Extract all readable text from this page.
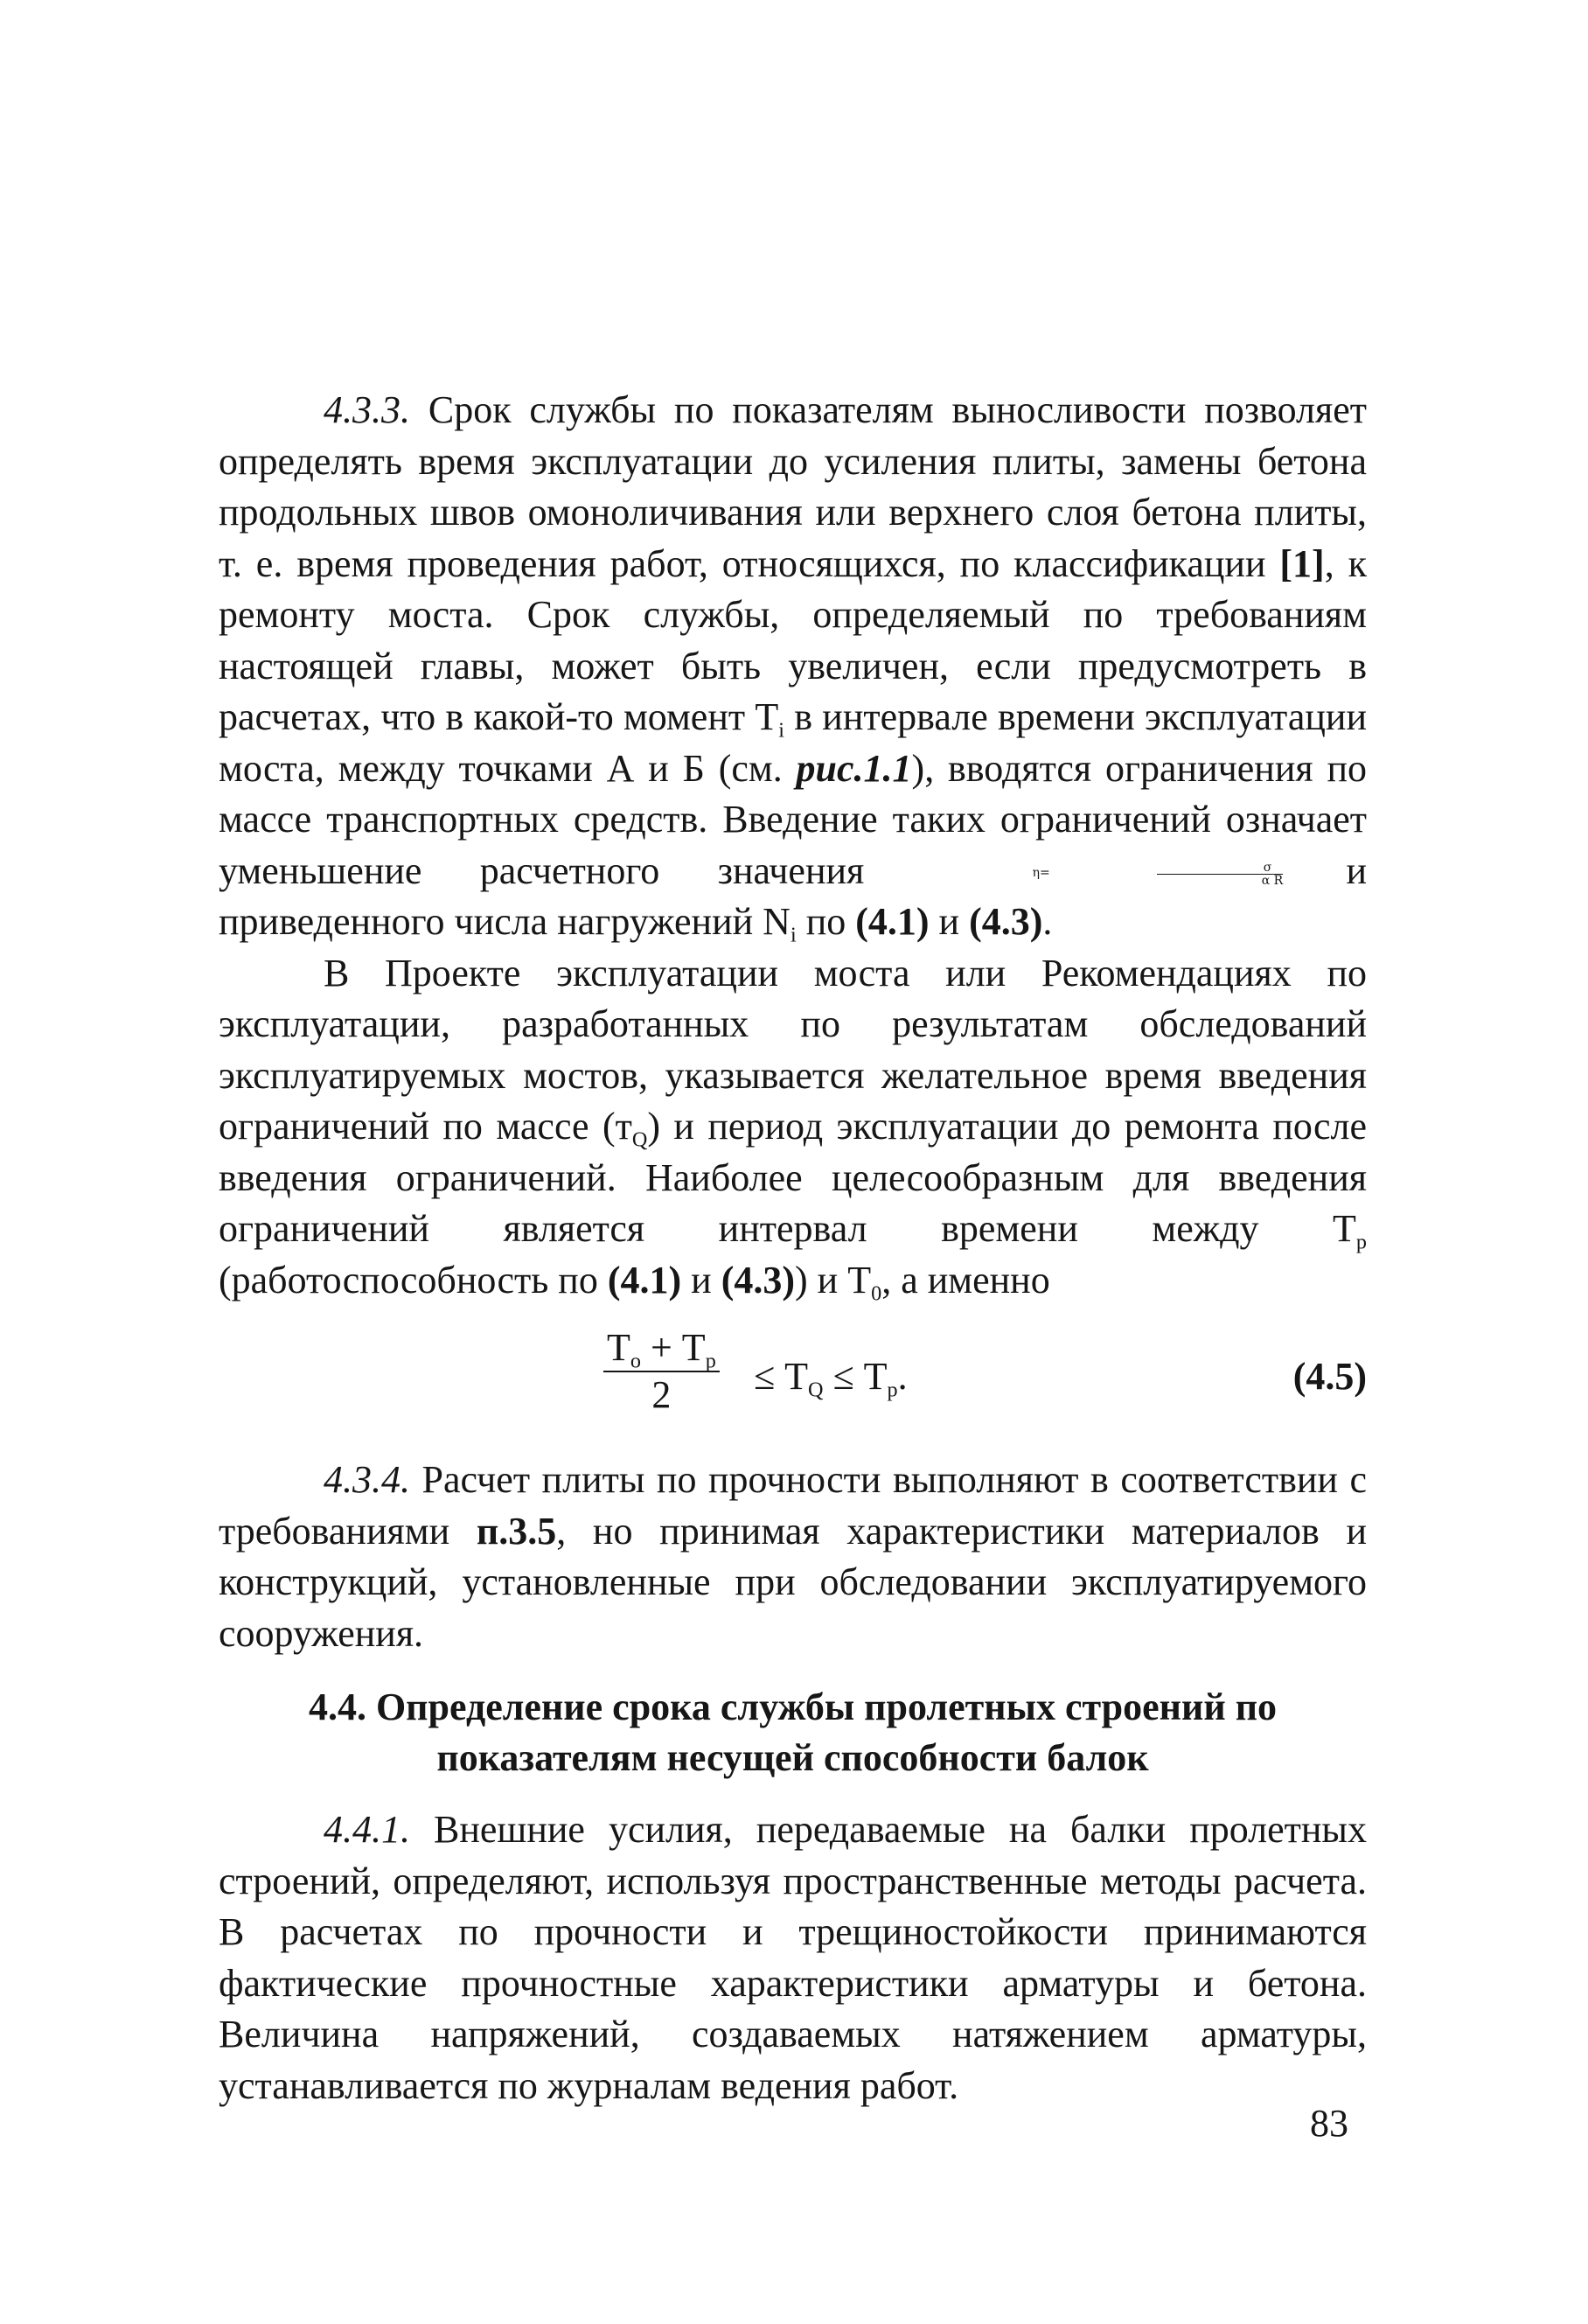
4.3.3. Срок службы по показателям выносливости позволяет определять время эксплуатации до усиления плиты, замены бетона продольных швов омоноличивания или верхнего слоя бетона плиты, т. е. время проведения работ, относящихся, по классификации [1], к ремонту моста. Срок службы, определяемый по требованиям настоящей главы, может быть увеличен, если предусмотреть в расчетах, что в какой-то момент $Т_i$ в интервале времени эксплуатации моста, между точками А и Б (см. рис.1.1), вводятся ограничения по массе транспортных средств. Введение таких ограничений означает уменьшение расчетного значения	η=	$\frac{\sigma}{\text{α R}}$ и приведенного числа нагружений $N_i$ по (4.1) и (4.3).

В Проекте эксплуатации моста или Рекомендациях по эксплуатации, разработанных по результатам обследований эксплуатируемых мостов, указывается желательное время введения ограничений по массе $(т_Q)$ и период эксплуатации до ремонта после введения ограничений. Наиболее целесообразным для введения ограничений является интервал времени между $Т_p$ (работоспособность по (4.1) и (4.3)) и $Т_0$, а именно

$Т_o + Т_p$
2	≤ $Т_Q \le Т_p$.	(4.5)

4.3.4. Расчет плиты по прочности выполняют в соответствии с требованиями п.3.5, но принимая характеристики материалов и конструкций, установленные при обследовании эксплуатируемого сооружения.

4.4. Определение срока службы пролетных строений по
показателям несущей способности балок

4.4.1. Внешние усилия, передаваемые на балки пролетных строений, определяют, используя пространственные методы расчета. В расчетах по прочности и трещиностойкости принимаются фактические прочностные характеристики арматуры и бетона. Величина напряжений, создаваемых натяжением арматуры, устанавливается по журналам ведения работ.

83
